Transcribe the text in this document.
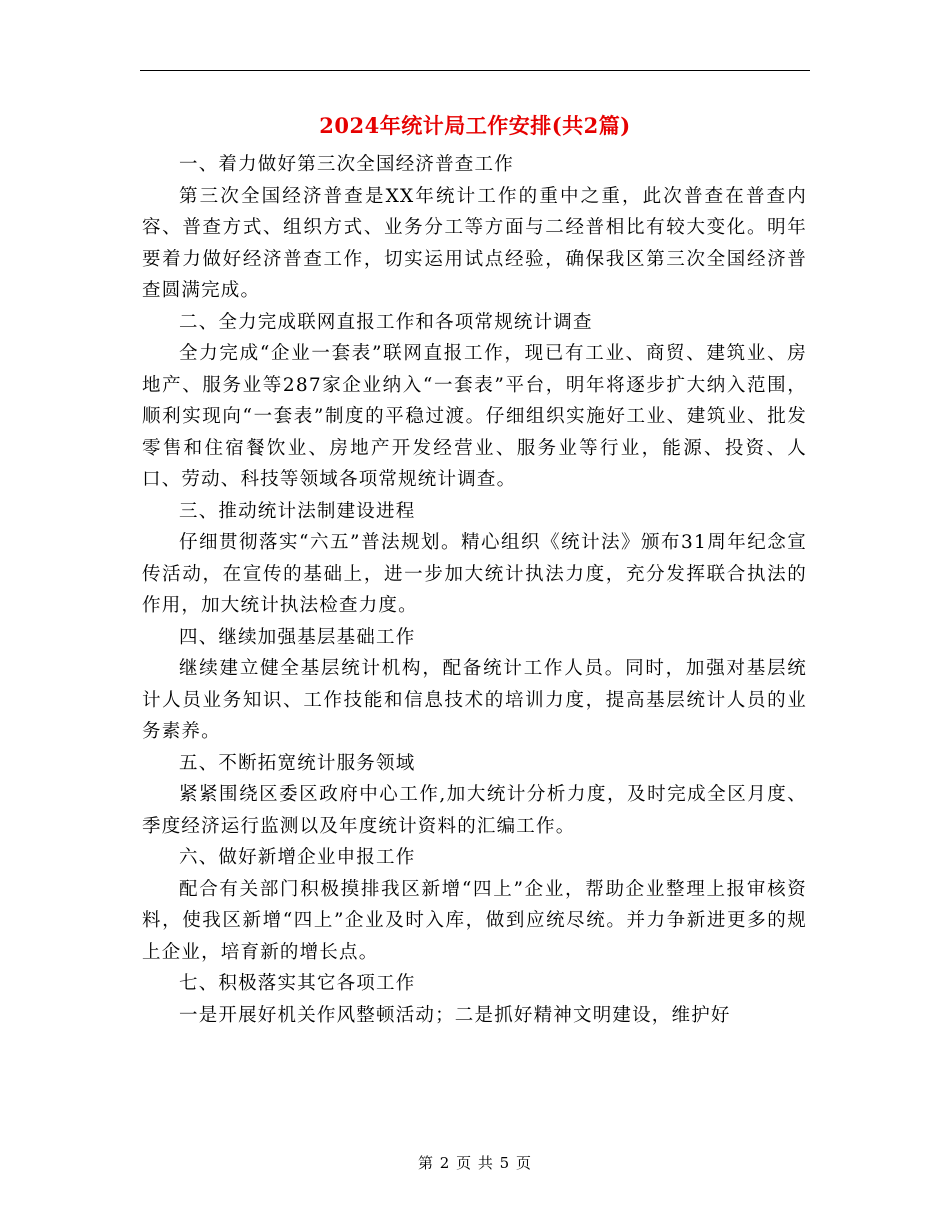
2024年统计局工作安排(共2篇)

一、着力做好第三次全国经济普查工作

第三次全国经济普查是XX年统计工作的重中之重，此次普查在普查内容、普查方式、组织方式、业务分工等方面与二经普相比有较大变化。明年要着力做好经济普查工作，切实运用试点经验，确保我区第三次全国经济普查圆满完成。

二、全力完成联网直报工作和各项常规统计调查

全力完成“企业一套表”联网直报工作，现已有工业、商贸、建筑业、房地产、服务业等287家企业纳入“一套表”平台，明年将逐步扩大纳入范围，顺利实现向“一套表”制度的平稳过渡。仔细组织实施好工业、建筑业、批发零售和住宿餐饮业、房地产开发经营业、服务业等行业，能源、投资、人口、劳动、科技等领域各项常规统计调查。

三、推动统计法制建设进程

仔细贯彻落实“六五”普法规划。精心组织《统计法》颁布31周年纪念宣传活动，在宣传的基础上，进一步加大统计执法力度，充分发挥联合执法的作用，加大统计执法检查力度。

四、继续加强基层基础工作

继续建立健全基层统计机构，配备统计工作人员。同时，加强对基层统计人员业务知识、工作技能和信息技术的培训力度，提高基层统计人员的业务素养。

五、不断拓宽统计服务领域

紧紧围绕区委区政府中心工作,加大统计分析力度，及时完成全区月度、季度经济运行监测以及年度统计资料的汇编工作。

六、做好新增企业申报工作

配合有关部门积极摸排我区新增“四上”企业，帮助企业整理上报审核资料，使我区新增“四上”企业及时入库，做到应统尽统。并力争新进更多的规上企业，培育新的增长点。

七、积极落实其它各项工作

一是开展好机关作风整顿活动；二是抓好精神文明建设，维护好

第 2 页 共 5 页
